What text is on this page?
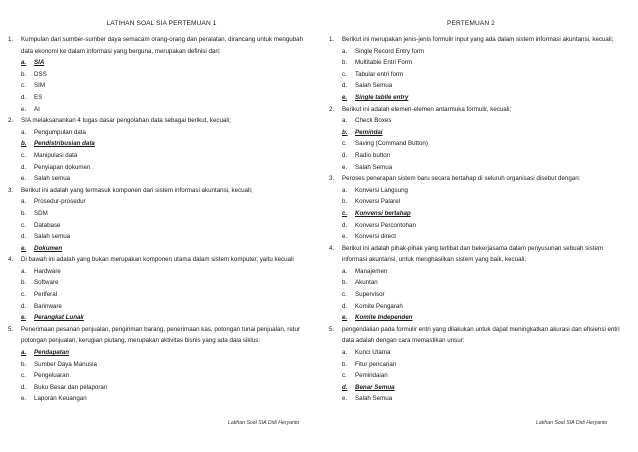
LATIHAN SOAL SIA PERTEMUAN 1
1. Kumpulan dari sumber-sumber daya semacam orang-orang dan peralatan, dirancang untuk mengubah data ekonomi ke dalam informasi yang berguna, merupakan definisi dari:
a. SIA
b. DSS
c. SIM
d. ES
e. AI
2. SIA melaksanankan 4 tugas dasar pengolahan data sebagai berikut, kecuali;
a. Pengumpulan data
b. Pendistribusian data
c. Manipulasi data
d. Penyiapan dokumen
e. Salah semua
3. Berikut ini adalah yang termasuk komponen dari sistem informasi akuntansi, kecuali;
a. Prosedur-prosedur
b. SDM
c. Database
d. Salah semua
e. Dokumen
4. Di bawah ini adalah yang bukan merupakan komponen utama dalam sistem komputer, yaitu kecuali
a. Hardware
b. Software
c. Periferal
d. Barinware
e. Perangkat Lunak
5. Penerimaan pesanan penjualan, pengiriman barang, penerimaan kas, potongan tunai penjualan, retur potongan penjualan, kerugian piutang, merupakan aktivitas bisnis yang ada dala siklus:
a. Pendapatan
b. Sumber Daya Manusia
c. Pengeluaran
d. Buku Besar dan pelaporan
e. Laporan Keuangan
Latihan Soal SIA Didi Heryanto
PERTEMUAN 2
1. Berikut ini merupakan jenis-jenis formulir input yang ada dalam sistem informasi akuntansi, kecuali;
a. Single Record Entry form
b. Multitable Entri Form
c. Tabular entri form
d. Salah Semua
e. Single tablle entry
2. Berikut ini adalah elemen-elemen antarmuka formulir, kecuali;
a. Check Boxes
b. Pemindai
c. Saving (Command Button)
d. Radio button
e. Salah Semua
3. Peroses penerapan sistem baru secara bertahap di seluruh organisasi disebut dengan:
a. Konversi Langsung
b. Konversi Palarel
c. Konvensi bertahap
d. Konversi Percontohan
e. Konversi direct
4. Berikut ini adalah pihak-pihak yang terlibat dan bekerjasama dalam penyusunan sebuah sistem informasi akuntansi, untuk menghasilkan sistem yang baik, kecuali;
a. Manajemen
b. Akuntan
c. Supervisor
d. Komite Pengarah
e. Komite Independen
5. pengendalian pada formulir entri yang dilakukan untuk dapat meningkatkan akurasi dan efisiensi entri data adalah dengan cara memastikan unsur:
a. Kunci Utama
b. Fitur pencarian
c. Pemindaian
d. Benar Semua
e. Salah Semua
Latihan Soal SIA Didi Heryanto
